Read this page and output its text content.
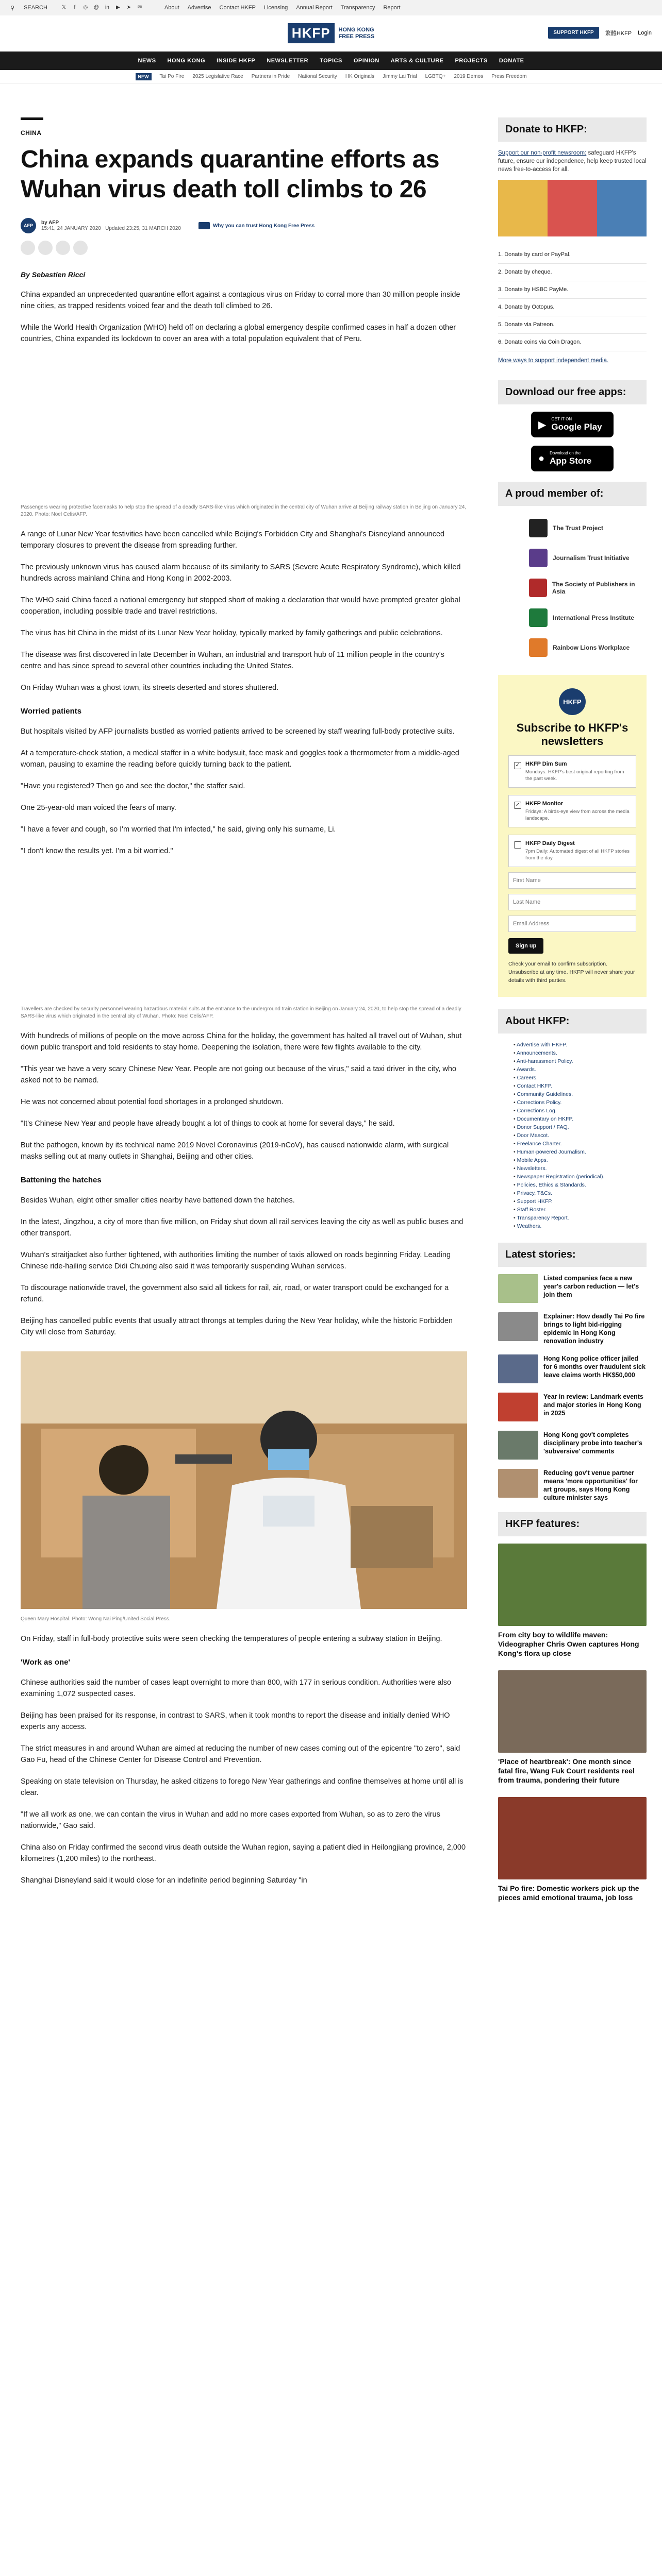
⚲ SEARCH	𝕏	f	◎ @ in ▶ ➤ ✉	About Advertise Contact HKFP Licensing Annual Report Transparency Report
HKFP	HONG KONG
FREE PRESS
SUPPORT HKFP	繁體HKFP Login
NEWS HONG KONG INSIDE HKFP NEWSLETTER TOPICS OPINION ARTS & CULTURE PROJECTS DONATE
NEW	Tai Po Fire 2025 Legislative Race Partners in Pride National Security HK Originals Jimmy Lai Trial LGBTQ+ 2019 Demos Press Freedom
CHINA
China expands quarantine efforts as Wuhan virus death toll climbs to 26
AFP	by AFP
15:41, 24 JANUARY 2020 Updated 23:25, 31 MARCH 2020	Why you can trust Hong Kong Free Press
By Sebastien Ricci
China expanded an unprecedented quarantine effort against a contagious virus on Friday to corral more than 30 million people inside nine cities, as trapped residents voiced fear and the death toll climbed to 26.
While the World Health Organization (WHO) held off on declaring a global emergency despite confirmed cases in half a dozen other countries, China expanded its lockdown to cover an area with a total population equivalent that of Peru.
Passengers wearing protective facemasks to help stop the spread of a deadly SARS-like virus which originated in the central city of Wuhan arrive at Beijing railway station in Beijing on January 24, 2020. Photo: Noel Celis/AFP.
A range of Lunar New Year festivities have been cancelled while Beijing's Forbidden City and Shanghai's Disneyland announced temporary closures to prevent the disease from spreading further.
The previously unknown virus has caused alarm because of its similarity to SARS (Severe Acute Respiratory Syndrome), which killed hundreds across mainland China and Hong Kong in 2002-2003.
The WHO said China faced a national emergency but stopped short of making a declaration that would have prompted greater global cooperation, including possible trade and travel restrictions.
The virus has hit China in the midst of its Lunar New Year holiday, typically marked by family gatherings and public celebrations.
The disease was first discovered in late December in Wuhan, an industrial and transport hub of 11 million people in the country's centre and has since spread to several other countries including the United States.
On Friday Wuhan was a ghost town, its streets deserted and stores shuttered.
Worried patients
But hospitals visited by AFP journalists bustled as worried patients arrived to be screened by staff wearing full-body protective suits.
At a temperature-check station, a medical staffer in a white bodysuit, face mask and goggles took a thermometer from a middle-aged woman, pausing to examine the reading before quickly turning back to the patient.
"Have you registered? Then go and see the doctor," the staffer said.
One 25-year-old man voiced the fears of many.
"I have a fever and cough, so I'm worried that I'm infected," he said, giving only his surname, Li.
"I don't know the results yet. I'm a bit worried."
Travellers are checked by security personnel wearing hazardous material suits at the entrance to the underground train station in Beijing on January 24, 2020, to help stop the spread of a deadly SARS-like virus which originated in the central city of Wuhan. Photo: Noel Celis/AFP.
With hundreds of millions of people on the move across China for the holiday, the government has halted all travel out of Wuhan, shut down public transport and told residents to stay home. Deepening the isolation, there were few flights available to the city.
"This year we have a very scary Chinese New Year. People are not going out because of the virus," said a taxi driver in the city, who asked not to be named.
He was not concerned about potential food shortages in a prolonged shutdown.
"It's Chinese New Year and people have already bought a lot of things to cook at home for several days," he said.
But the pathogen, known by its technical name 2019 Novel Coronavirus (2019-nCoV), has caused nationwide alarm, with surgical masks selling out at many outlets in Shanghai, Beijing and other cities.
Battening the hatches
Besides Wuhan, eight other smaller cities nearby have battened down the hatches.
In the latest, Jingzhou, a city of more than five million, on Friday shut down all rail services leaving the city as well as public buses and other transport.
Wuhan's straitjacket also further tightened, with authorities limiting the number of taxis allowed on roads beginning Friday. Leading Chinese ride-hailing service Didi Chuxing also said it was temporarily suspending Wuhan services.
To discourage nationwide travel, the government also said all tickets for rail, air, road, or water transport could be exchanged for a refund.
Beijing has cancelled public events that usually attract throngs at temples during the New Year holiday, while the historic Forbidden City will close from Saturday.
Queen Mary Hospital. Photo: Wong Nai Ping/United Social Press.
On Friday, staff in full-body protective suits were seen checking the temperatures of people entering a subway station in Beijing.
'Work as one'
Chinese authorities said the number of cases leapt overnight to more than 800, with 177 in serious condition. Authorities were also examining 1,072 suspected cases.
Beijing has been praised for its response, in contrast to SARS, when it took months to report the disease and initially denied WHO experts any access.
The strict measures in and around Wuhan are aimed at reducing the number of new cases coming out of the epicentre "to zero", said Gao Fu, head of the Chinese Center for Disease Control and Prevention.
Speaking on state television on Thursday, he asked citizens to forego New Year gatherings and confine themselves at home until all is clear.
"If we all work as one, we can contain the virus in Wuhan and add no more cases exported from Wuhan, so as to zero the virus nationwide," Gao said.
China also on Friday confirmed the second virus death outside the Wuhan region, saying a patient died in Heilongjiang province, 2,000 kilometres (1,200 miles) to the northeast.
Shanghai Disneyland said it would close for an indefinite period beginning Saturday "in
Donate to HKFP:
Support our non-profit newsroom: safeguard HKFP's future, ensure our independence, help keep trusted local news free-to-access for all.
1. Donate by card or PayPal.
2. Donate by cheque.
3. Donate by HSBC PayMe.
4. Donate by Octopus.
5. Donate via Patreon.
6. Donate coins via Coin Dragon.
More ways to support independent media.
Download our free apps:
▶ GET IT ON
Google Play
● Download on the
App Store
A proud member of:
The Trust Project
Journalism Trust Initiative
The Society of Publishers in Asia
International Press Institute
Rainbow Lions Workplace
HKFP
Subscribe to HKFP's newsletters
✓ HKFP Dim Sum
Mondays: HKFP's best original reporting from the past week.
✓ HKFP Monitor
Fridays: A birds-eye view from across the media landscape.
HKFP Daily Digest
7pm Daily: Automated digest of all HKFP stories from the day.
First Name Last Name Email Address
Sign up
Check your email to confirm subscription. Unsubscribe at any time. HKFP will never share your details with third parties.
About HKFP:
• Advertise with HKFP.
• Announcements.
• Anti-harassment Policy.
• Awards.
• Careers.
• Contact HKFP.
• Community Guidelines.
• Corrections Policy.
• Corrections Log.
• Documentary on HKFP.
• Donor Support / FAQ.
• Door Mascot.
• Freelance Charter.
• Human-powered Journalism.
• Mobile Apps.
• Newsletters.
• Newspaper Registration (periodical).
• Policies, Ethics & Standards.
• Privacy, T&Cs.
• Support HKFP.
• Staff Roster.
• Transparency Report.
• Weathers.
Latest stories:
Listed companies face a new year's carbon reduction — let's join them
Explainer: How deadly Tai Po fire brings to light bid-rigging epidemic in Hong Kong renovation industry
Hong Kong police officer jailed for 6 months over fraudulent sick leave claims worth HK$50,000
Year in review: Landmark events and major stories in Hong Kong in 2025
Hong Kong gov't completes disciplinary probe into teacher's 'subversive' comments
Reducing gov't venue partner means 'more opportunities' for art groups, says Hong Kong culture minister says
HKFP features:
From city boy to wildlife maven: Videographer Chris Owen captures Hong Kong's flora up close
'Place of heartbreak': One month since fatal fire, Wang Fuk Court residents reel from trauma, pondering their future
Tai Po fire: Domestic workers pick up the pieces amid emotional trauma, job loss
